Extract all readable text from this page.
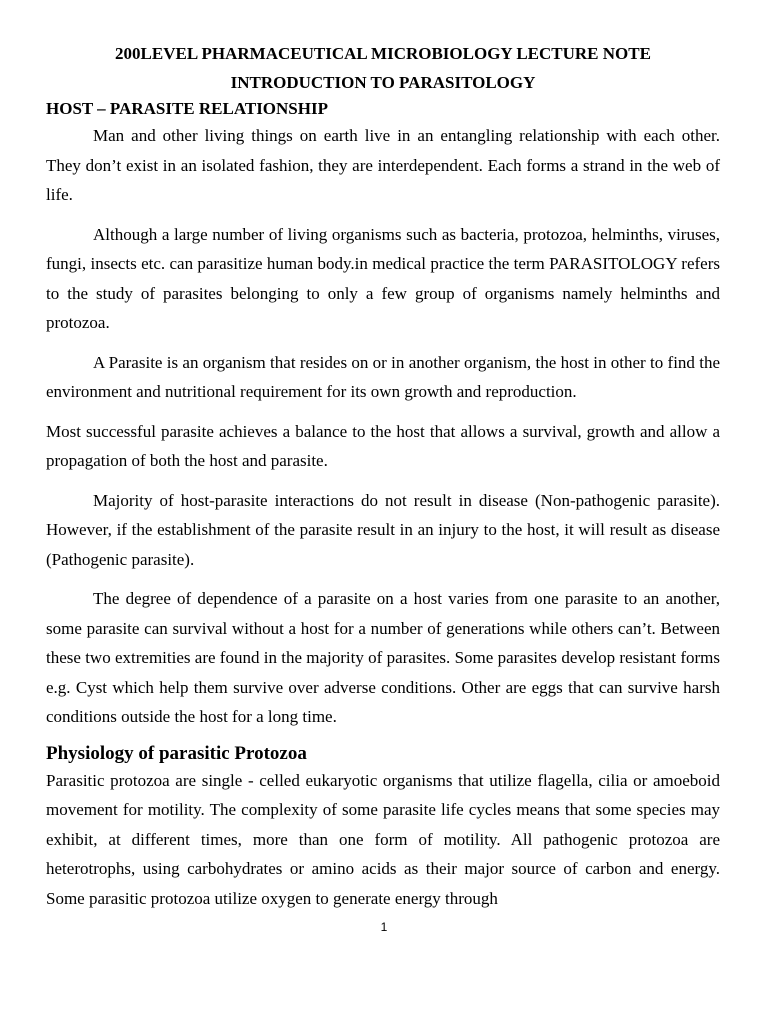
200LEVEL PHARMACEUTICAL MICROBIOLOGY LECTURE NOTE

INTRODUCTION TO PARASITOLOGY

HOST – PARASITE RELATIONSHIP

Man and other living things on earth live in an entangling relationship with each other. They don’t exist in an isolated fashion, they are interdependent. Each forms a strand in the web of life.

Although a large number of living organisms such as bacteria, protozoa, helminths, viruses, fungi, insects etc. can parasitize human body.in medical practice the term PARASITOLOGY refers to the study of parasites belonging to only a few group of organisms namely helminths and protozoa.

A Parasite is an organism that resides on or in another organism, the host in other to find the environment and nutritional requirement for its own growth and reproduction.

Most successful parasite achieves a balance to the host that allows a survival, growth and allow a propagation of both the host and parasite.

Majority of host-parasite interactions do not result in disease (Non-pathogenic parasite). However, if the establishment of the parasite result in an injury to the host, it will result as disease (Pathogenic parasite).

The degree of dependence of a parasite on a host varies from one parasite to an another, some parasite can survival without a host for a number of generations while others can’t. Between these two extremities are found in the majority of parasites. Some parasites develop resistant forms e.g. Cyst which help them survive over adverse conditions. Other are eggs that can survive harsh conditions outside the host for a long time.

Physiology of parasitic Protozoa

Parasitic protozoa are single - celled eukaryotic organisms that utilize flagella, cilia or amoeboid movement for motility. The complexity of some parasite life cycles means that some species may exhibit, at different times, more than one form of motility. All pathogenic protozoa are heterotrophs, using carbohydrates or amino acids as their major source of carbon and energy. Some parasitic protozoa utilize oxygen to generate energy through

1
